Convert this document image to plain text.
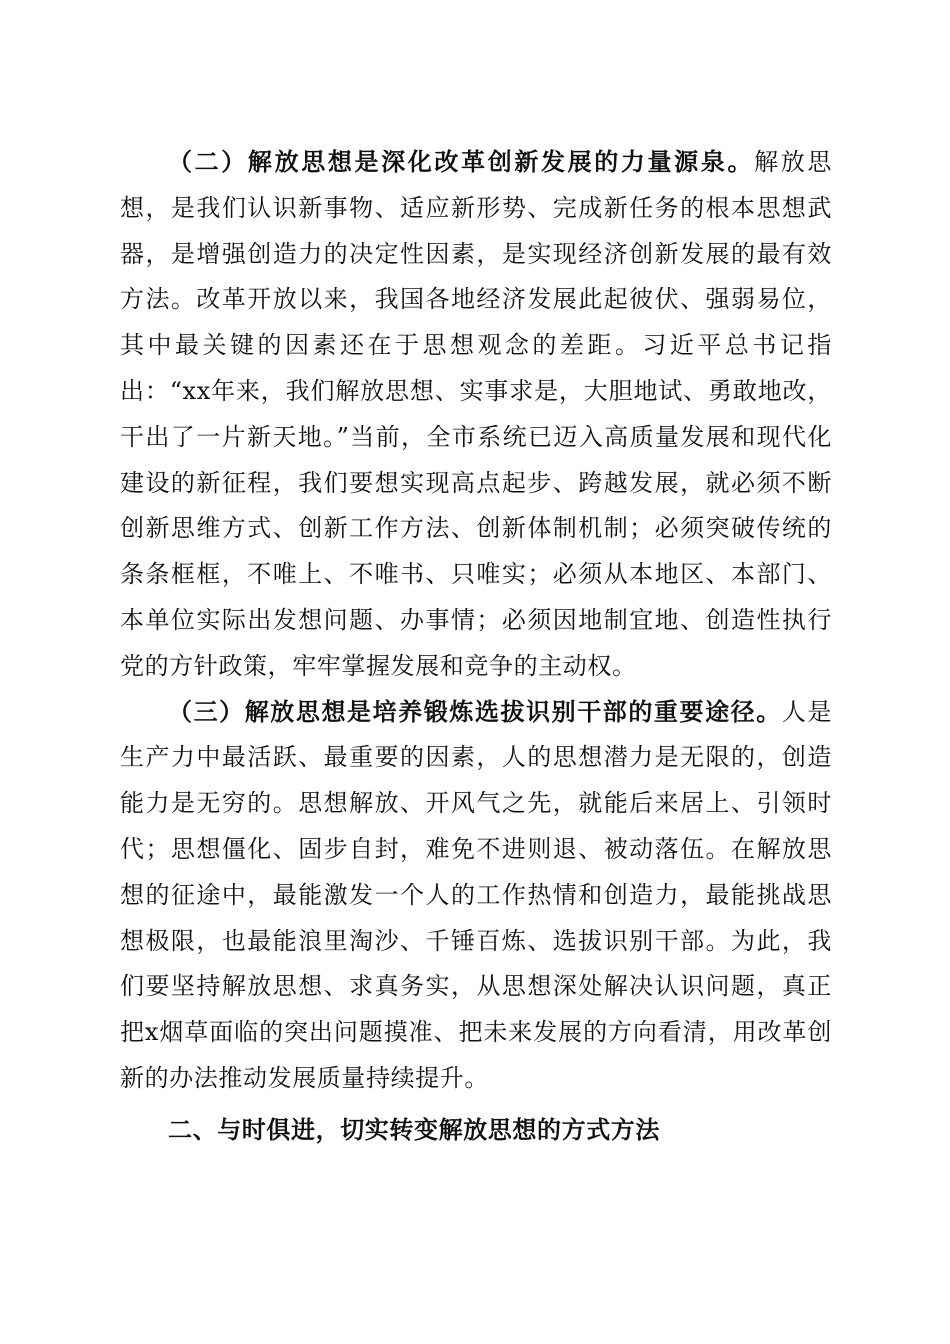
（二）解放思想是深化改革创新发展的力量源泉。解放思想，是我们认识新事物、适应新形势、完成新任务的根本思想武器，是增强创造力的决定性因素，是实现经济创新发展的最有效方法。改革开放以来，我国各地经济发展此起彼伏、强弱易位，其中最关键的因素还在于思想观念的差距。习近平总书记指出：“xx年来，我们解放思想、实事求是，大胆地试、勇敢地改，干出了一片新天地。”当前，全市系统已迈入高质量发展和现代化建设的新征程，我们要想实现高点起步、跨越发展，就必须不断创新思维方式、创新工作方法、创新体制机制；必须突破传统的条条框框，不唯上、不唯书、只唯实；必须从本地区、本部门、本单位实际出发想问题、办事情；必须因地制宜地、创造性执行党的方针政策，牢牢掌握发展和竞争的主动权。

（三）解放思想是培养锻炼选拔识别干部的重要途径。人是生产力中最活跃、最重要的因素，人的思想潜力是无限的，创造能力是无穷的。思想解放、开风气之先，就能后来居上、引领时代；思想僵化、固步自封，难免不进则退、被动落伍。在解放思想的征途中，最能激发一个人的工作热情和创造力，最能挑战思想极限，也最能浪里淘沙、千锤百炼、选拔识别干部。为此，我们要坚持解放思想、求真务实，从思想深处解决认识问题，真正把x烟草面临的突出问题摸准、把未来发展的方向看清，用改革创新的办法推动发展质量持续提升。

二、与时俱进，切实转变解放思想的方式方法
